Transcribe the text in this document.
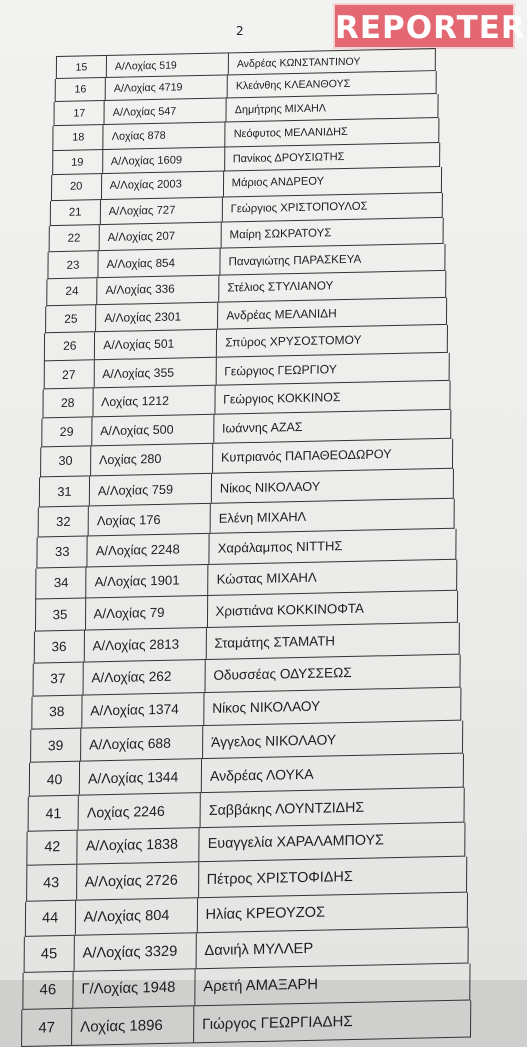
2	REPORTER
15	Α/Λοχίας 519	Ανδρέας ΚΩΝΣΤΑΝΤΙΝΟΥ
16	Α/Λοχίας 4719	Κλεάνθης ΚΛΕΑΝΘΟΥΣ
17	Α/Λοχίας 547	Δημήτρης ΜΙΧΑΗΛ
18	Λοχίας 878	Νεόφυτος ΜΕΛΑΝΙΔΗΣ
19	Α/Λοχίας 1609	Πανίκος ΔΡΟΥΣΙΩΤΗΣ
20	Α/Λοχίας 2003	Μάριος ΑΝΔΡΕΟΥ
21	Α/Λοχίας 727	Γεώργιος ΧΡΙΣΤΟΠΟΥΛΟΣ
22	Α/Λοχίας 207	Μαίρη ΣΩΚΡΑΤΟΥΣ
23	Α/Λοχίας 854	Παναγιώτης ΠΑΡΑΣΚΕΥΑ
24	Α/Λοχίας 336	Στέλιος ΣΤΥΛΙΑΝΟΥ
25	Α/Λοχίας 2301	Ανδρέας ΜΕΛΑΝΙΔΗ
26	Α/Λοχίας 501	Σπύρος ΧΡΥΣΟΣΤΟΜΟΥ
27	Α/Λοχίας 355	Γεώργιος ΓΕΩΡΓΙΟΥ
28	Λοχίας 1212	Γεώργιος ΚΟΚΚΙΝΟΣ
29	Α/Λοχίας 500	Ιωάννης ΑΖΑΣ
30	Λοχίας 280	Κυπριανός ΠΑΠΑΘΕΟΔΩΡΟΥ
31	Α/Λοχίας 759	Νίκος ΝΙΚΟΛΑΟΥ
32	Λοχίας 176	Ελένη ΜΙΧΑΗΛ
33	Α/Λοχίας 2248	Χαράλαμπος ΝΙΤΤΗΣ
34	Α/Λοχίας 1901	Κώστας ΜΙΧΑΗΛ
35	Α/Λοχίας 79	Χριστιάνα ΚΟΚΚΙΝΟΦΤΑ
36	Α/Λοχίας 2813	Σταμάτης ΣΤΑΜΑΤΗ
37	Α/Λοχίας 262	Οδυσσέας ΟΔΥΣΣΕΩΣ
38	Α/Λοχίας 1374	Νίκος ΝΙΚΟΛΑΟΥ
39	Α/Λοχίας 688	Άγγελος ΝΙΚΟΛΑΟΥ
40	Α/Λοχίας 1344	Ανδρέας ΛΟΥΚΑ
41	Λοχίας 2246	Σαββάκης ΛΟΥΝΤΖΙΔΗΣ
42	Α/Λοχίας 1838	Ευαγγελία ΧΑΡΑΛΑΜΠΟΥΣ
43	Α/Λοχίας 2726	Πέτρος ΧΡΙΣΤΟΦΙΔΗΣ
44	Α/Λοχίας 804	Ηλίας ΚΡΕΟΥΖΟΣ
45	Α/Λοχίας 3329	Δανιήλ ΜΥΛΛΕΡ
46	Γ/Λοχίας 1948	Αρετή ΑΜΑΞΑΡΗ
47	Λοχίας 1896	Γιώργος ΓΕΩΡΓΙΑΔΗΣ
